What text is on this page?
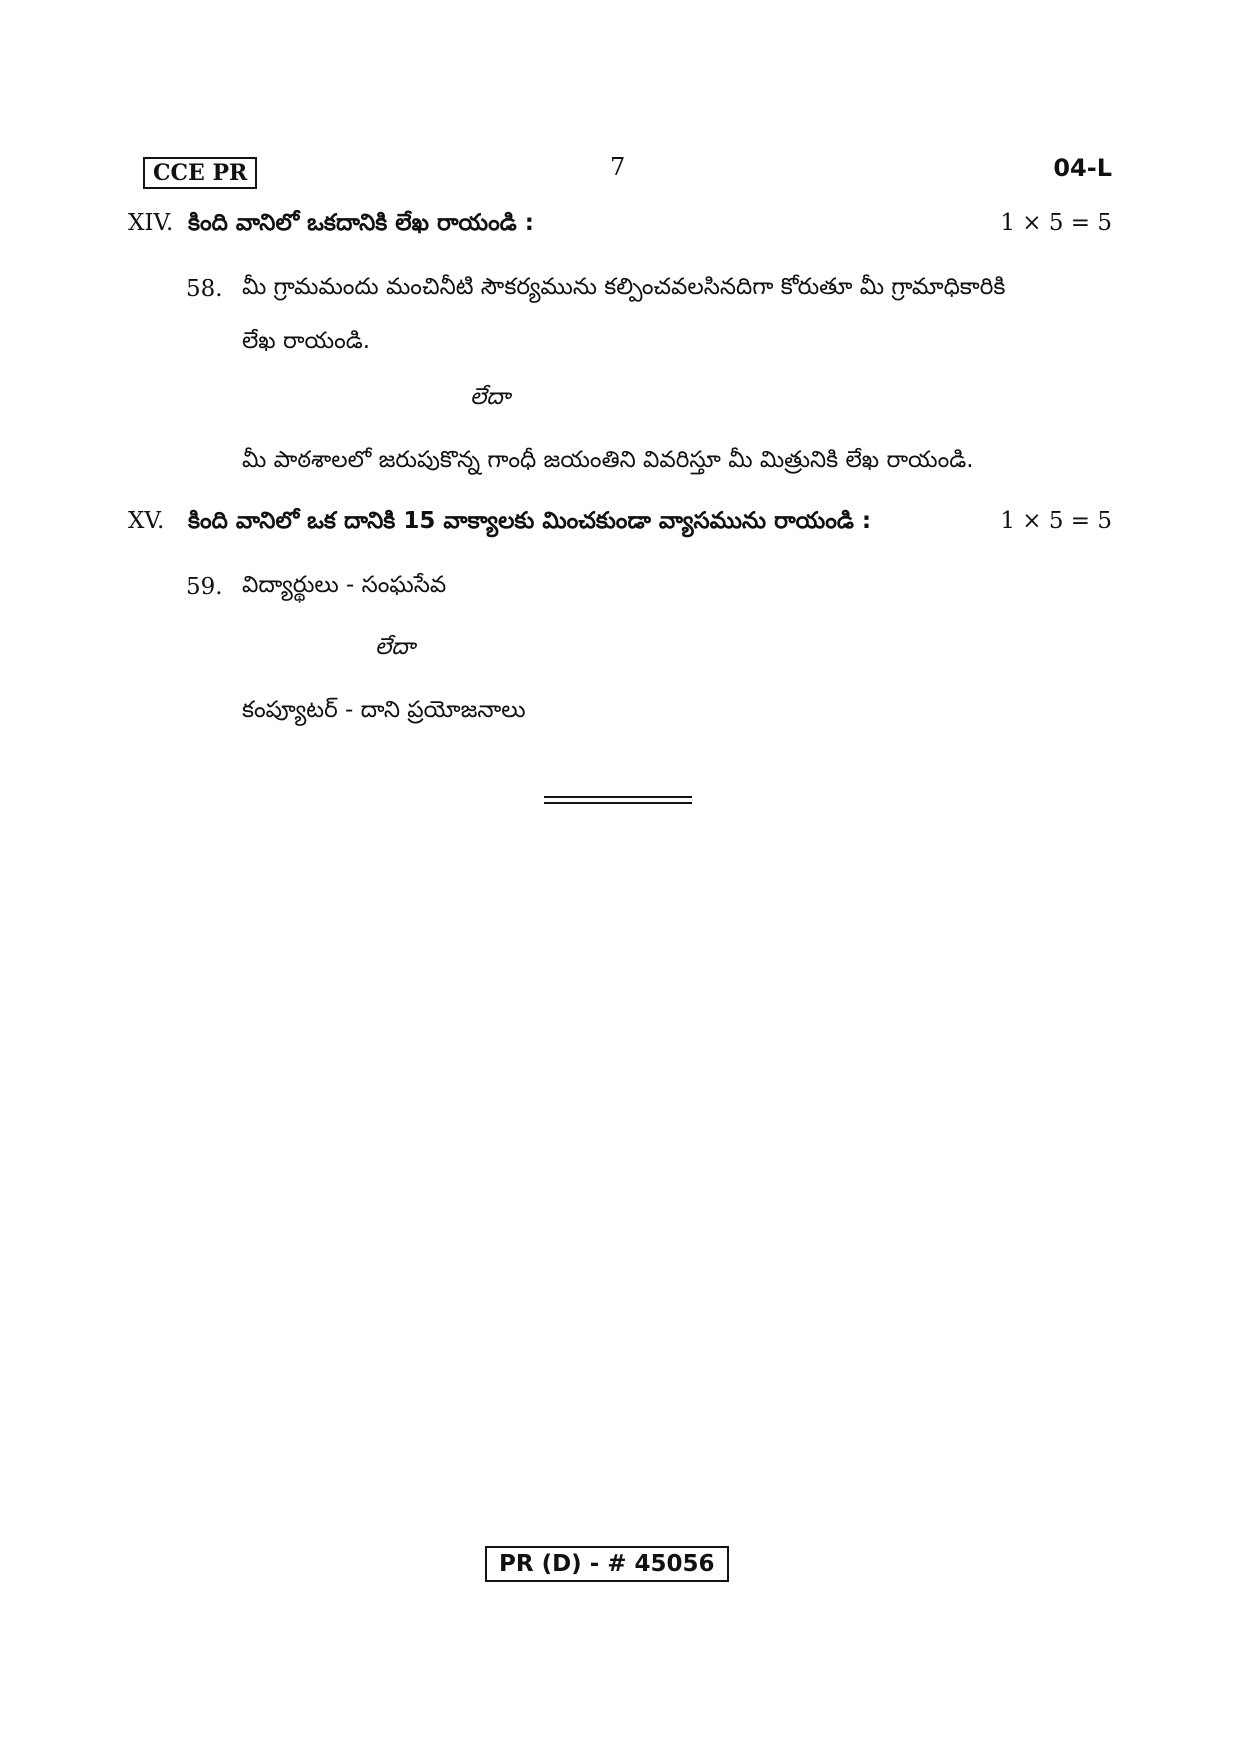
CCE PR	7	04-L
XIV. కింది వానిలో ఒకదానికి లేఖ రాయండి :	1 × 5 = 5
58. మీ గ్రామమందు మంచినీటి సౌకర్యమును కల్పించవలసినదిగా కోరుతూ మీ గ్రామాధికారికి
లేఖ రాయండి.
లేదా
మీ పాఠశాలలో జరుపుకొన్న గాంధీ జయంతిని వివరిస్తూ మీ మిత్రునికి లేఖ రాయండి.
XV. కింది వానిలో ఒక దానికి 15 వాక్యాలకు మించకుండా వ్యాసమును రాయండి :	1 × 5 = 5
59. విద్యార్థులు - సంఘసేవ
లేదా
కంప్యూటర్ - దాని ప్రయోజనాలు
PR (D) - # 45056
